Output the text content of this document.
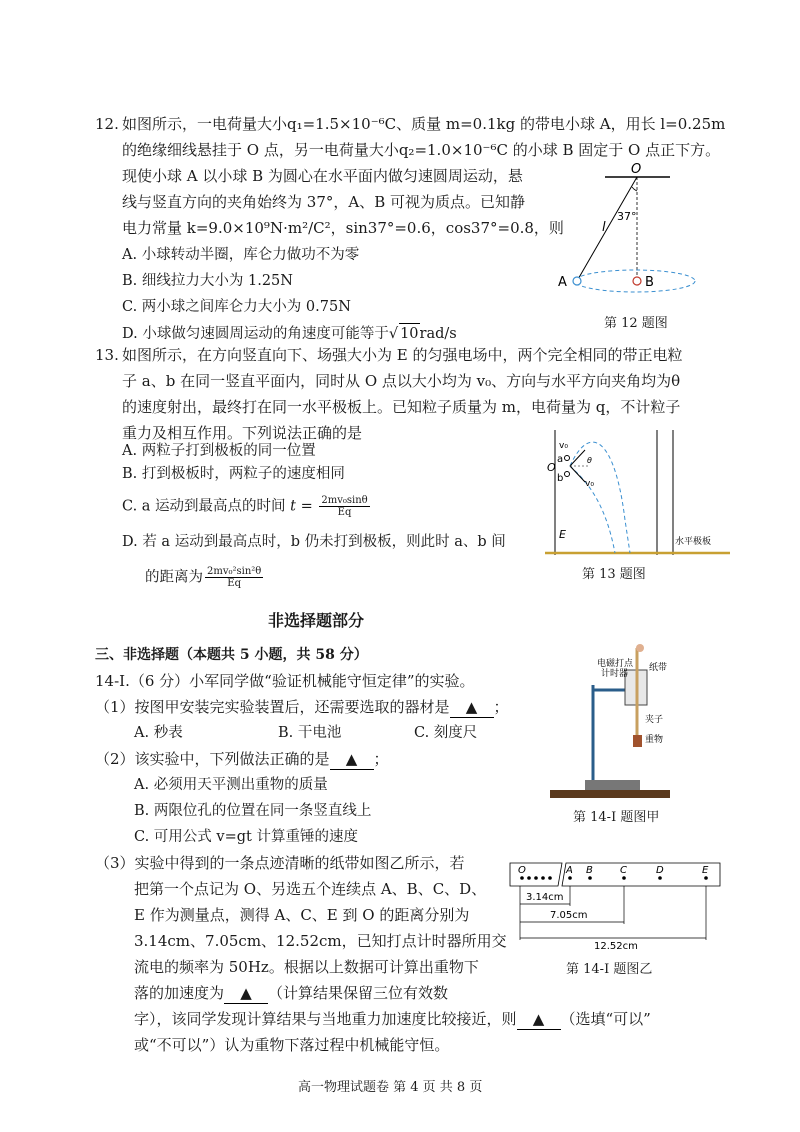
12. 如图所示，一电荷量大小q₁=1.5×10⁻⁶C、质量 m=0.1kg 的带电小球 A，用长 l=0.25m
的绝缘细线悬挂于 O 点，另一电荷量大小q₂=1.0×10⁻⁶C 的小球 B 固定于 O 点正下方。
现使小球 A 以小球 B 为圆心在水平面内做匀速圆周运动，悬
线与竖直方向的夹角始终为 37°，A、B 可视为质点。已知静
电力常量 k=9.0×10⁹N·m²/C²，sin37°=0.6，cos37°=0.8，则
A. 小球转动半圈，库仑力做功不为零
B. 细线拉力大小为 1.25N
C. 两小球之间库仑力大小为 0.75N
D. 小球做匀速圆周运动的角速度可能等于√ 10rad/s
O
l
37°
A	B
第 12 题图
13. 如图所示，在方向竖直向下、场强大小为 E 的匀强电场中，两个完全相同的带正电粒
子 a、b 在同一竖直平面内，同时从 O 点以大小均为 v₀、方向与水平方向夹角均为θ
的速度射出，最终打在同一水平极板上。已知粒子质量为 m，电荷量为 q，不计粒子
重力及相互作用。下列说法正确的是
A. 两粒子打到极板的同一位置
B. 打到极板时，两粒子的速度相同
C. a 运动到最高点的时间 $t = \frac{\text{2mv₀sinθ}}{Eq}$
D. 若 a 运动到最高点时，b 仍未打到极板，则此时 a、b 间
的距离为 $\frac{\text{2mv₀²sin²θ}}{Eq}$
v₀
a
O
b v₀
θ
E
水平极板
第 13 题图
非选择题部分
三、非选择题（本题共 5 小题，共 58 分）
14-Ⅰ.（6 分）小军同学做“验证机械能守恒定律”的实验。
（1）按图甲安装完实验装置后，还需要选取的器材是 ▲ ；
A. 秒表	B. 干电池	C. 刻度尺
（2）该实验中，下列做法正确的是 ▲ ；
A. 必须用天平测出重物的质量
B. 两限位孔的位置在同一条竖直线上
C. 可用公式 v=gt 计算重锤的速度
（3）实验中得到的一条点迹清晰的纸带如图乙所示，若
把第一个点记为 O、另选五个连续点 A、B、C、D、
E 作为测量点，测得 A、C、E 到 O 的距离分别为
3.14cm、7.05cm、12.52cm，已知打点计时器所用交
流电的频率为 50Hz。根据以上数据可计算出重物下
落的加速度为 ▲ （计算结果保留三位有效数
字），该同学发现计算结果与当地重力加速度比较接近，则 ▲ （选填“可以”
或“不可以”）认为重物下落过程中机械能守恒。
电磁打点
计时器
纸带
夹子
重物
第 14-Ⅰ 题图甲
O	A B	C	D	E
3.14cm
7.05cm
12.52cm
第 14-Ⅰ 题图乙
高一物理试题卷 第 4 页 共 8 页
